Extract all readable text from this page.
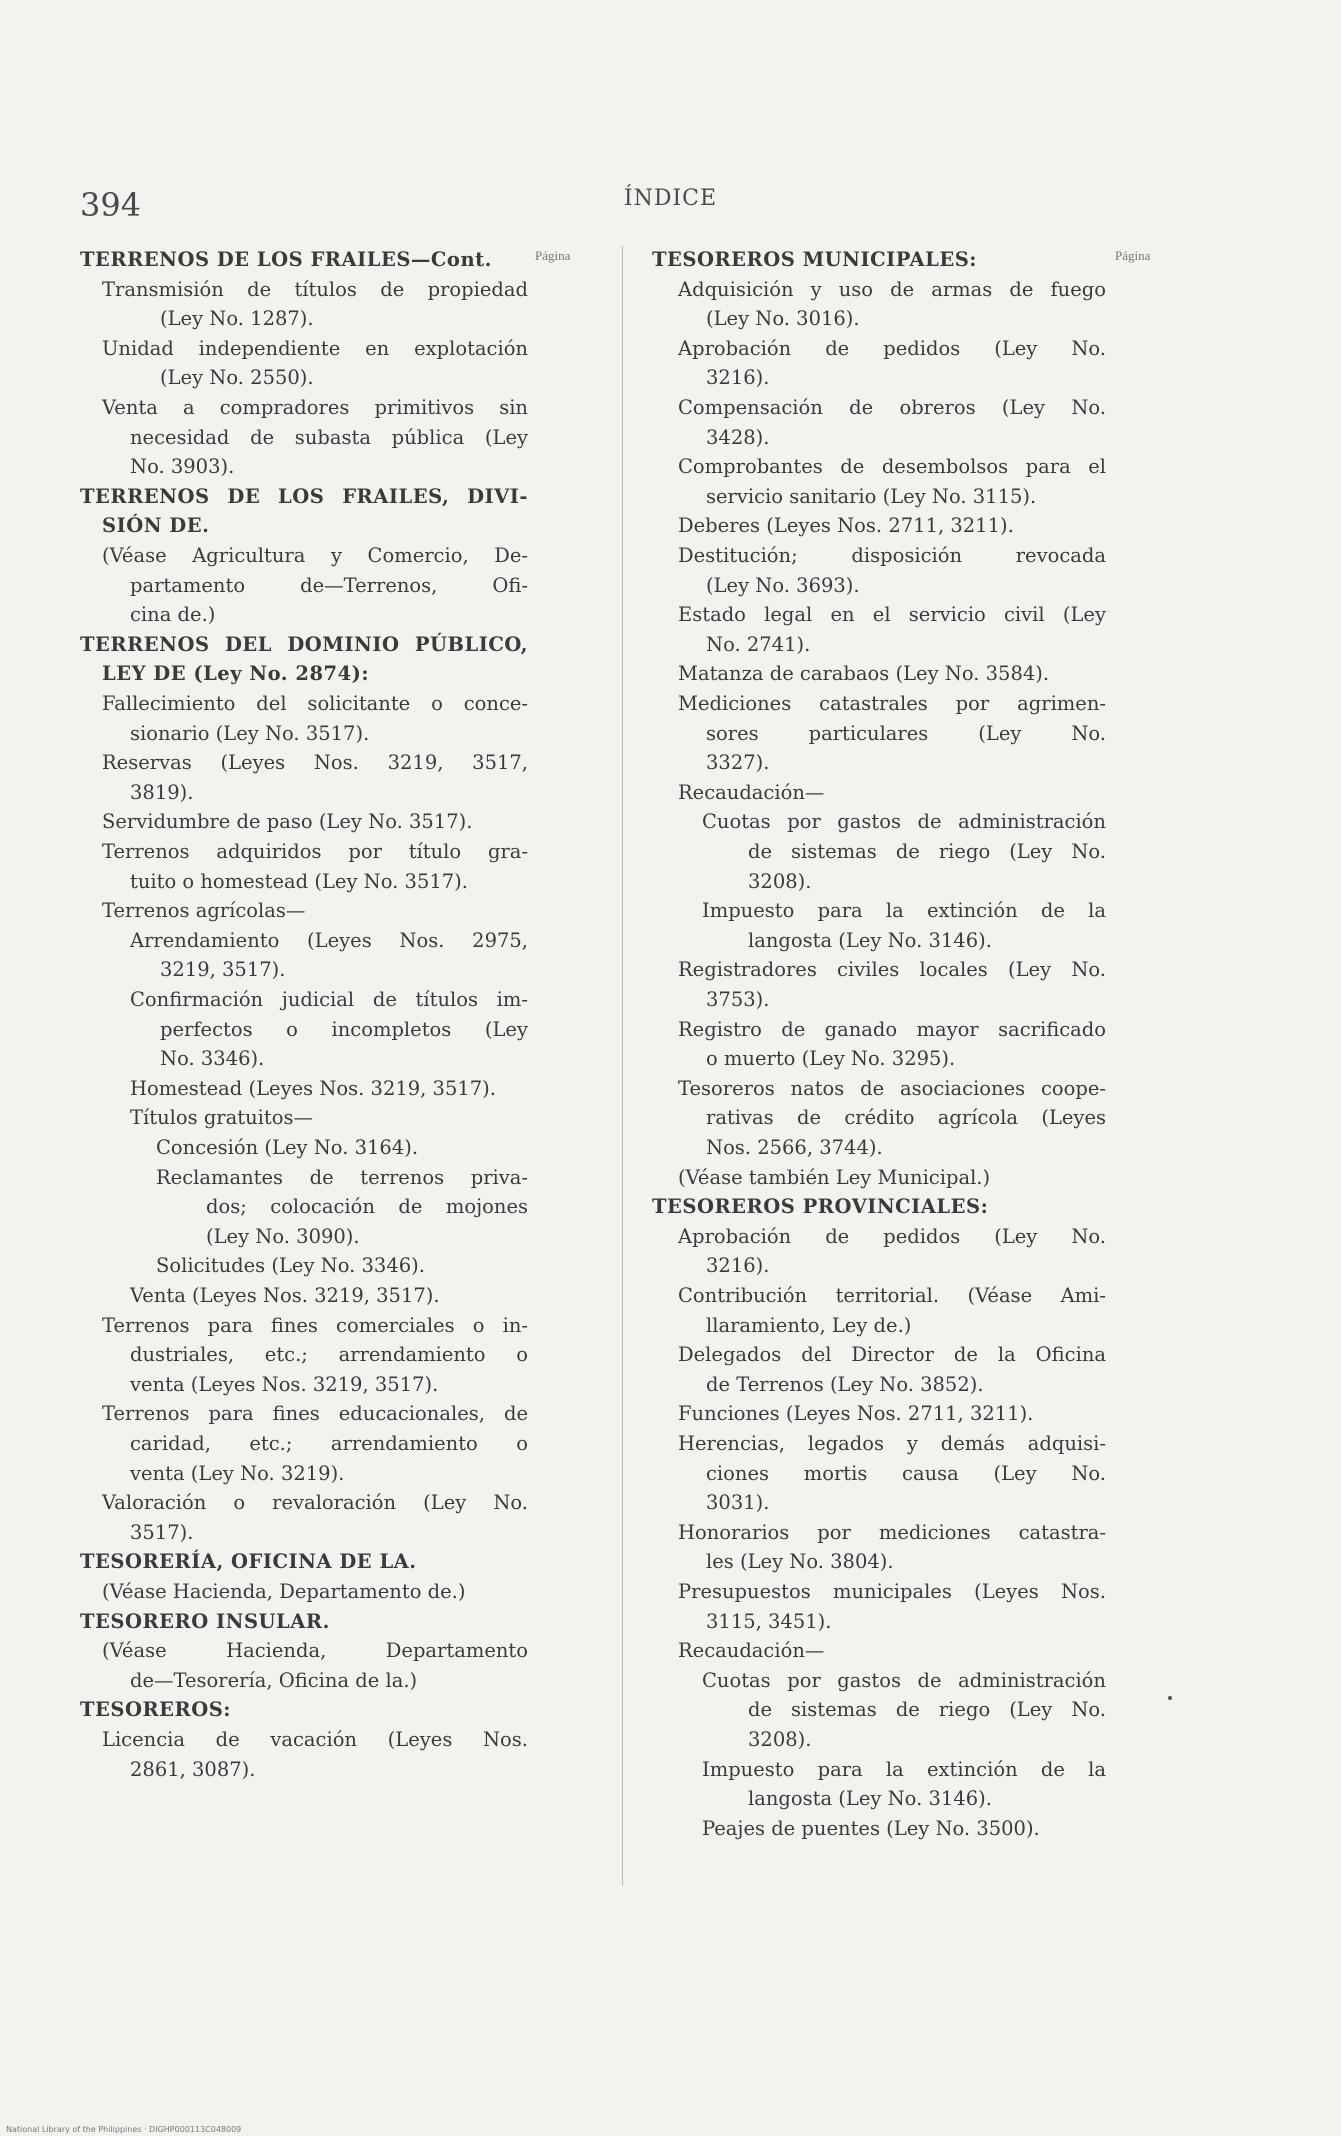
394	ÍNDICE
Página	Página
TERRENOS DE LOS FRAILES—Cont.
Transmisión de títulos de propiedad
(Ley No. 1287).
Unidad independiente en explotación
(Ley No. 2550).
Venta a compradores primitivos sin
necesidad de subasta pública (Ley
No. 3903).
TERRENOS DE LOS FRAILES, DIVI-
SIÓN DE.
(Véase Agricultura y Comercio, De-
partamento de—Terrenos, Ofi-
cina de.)
TERRENOS DEL DOMINIO PÚBLICO,
LEY DE (Ley No. 2874):
Fallecimiento del solicitante o conce-
sionario (Ley No. 3517).
Reservas (Leyes Nos. 3219, 3517,
3819).
Servidumbre de paso (Ley No. 3517).
Terrenos adquiridos por título gra-
tuito o homestead (Ley No. 3517).
Terrenos agrícolas—
Arrendamiento (Leyes Nos. 2975,
3219, 3517).
Confirmación judicial de títulos im-
perfectos o incompletos (Ley
No. 3346).
Homestead (Leyes Nos. 3219, 3517).
Títulos gratuitos—
Concesión (Ley No. 3164).
Reclamantes de terrenos priva-
dos; colocación de mojones
(Ley No. 3090).
Solicitudes (Ley No. 3346).
Venta (Leyes Nos. 3219, 3517).
Terrenos para fines comerciales o in-
dustriales, etc.; arrendamiento o
venta (Leyes Nos. 3219, 3517).
Terrenos para fines educacionales, de
caridad, etc.; arrendamiento o
venta (Ley No. 3219).
Valoración o revaloración (Ley No.
3517).
TESORERÍA, OFICINA DE LA.
(Véase Hacienda, Departamento de.)
TESORERO INSULAR.
(Véase Hacienda, Departamento
de—Tesorería, Oficina de la.)
TESOREROS:
Licencia de vacación (Leyes Nos.
2861, 3087).
TESOREROS MUNICIPALES:
Adquisición y uso de armas de fuego
(Ley No. 3016).
Aprobación de pedidos (Ley No.
3216).
Compensación de obreros (Ley No.
3428).
Comprobantes de desembolsos para el
servicio sanitario (Ley No. 3115).
Deberes (Leyes Nos. 2711, 3211).
Destitución; disposición revocada
(Ley No. 3693).
Estado legal en el servicio civil (Ley
No. 2741).
Matanza de carabaos (Ley No. 3584).
Mediciones catastrales por agrimen-
sores particulares (Ley No.
3327).
Recaudación—
Cuotas por gastos de administración
de sistemas de riego (Ley No.
3208).
Impuesto para la extinción de la
langosta (Ley No. 3146).
Registradores civiles locales (Ley No.
3753).
Registro de ganado mayor sacrificado
o muerto (Ley No. 3295).
Tesoreros natos de asociaciones coope-
rativas de crédito agrícola (Leyes
Nos. 2566, 3744).
(Véase también Ley Municipal.)
TESOREROS PROVINCIALES:
Aprobación de pedidos (Ley No.
3216).
Contribución territorial. (Véase Ami-
llaramiento, Ley de.)
Delegados del Director de la Oficina
de Terrenos (Ley No. 3852).
Funciones (Leyes Nos. 2711, 3211).
Herencias, legados y demás adquisi-
ciones mortis causa (Ley No.
3031).
Honorarios por mediciones catastra-
les (Ley No. 3804).
Presupuestos municipales (Leyes Nos.
3115, 3451).
Recaudación—
Cuotas por gastos de administración
de sistemas de riego (Ley No.
3208).
Impuesto para la extinción de la
langosta (Ley No. 3146).
Peajes de puentes (Ley No. 3500).
National Library of the Philippines · DIGHP000113C048009
